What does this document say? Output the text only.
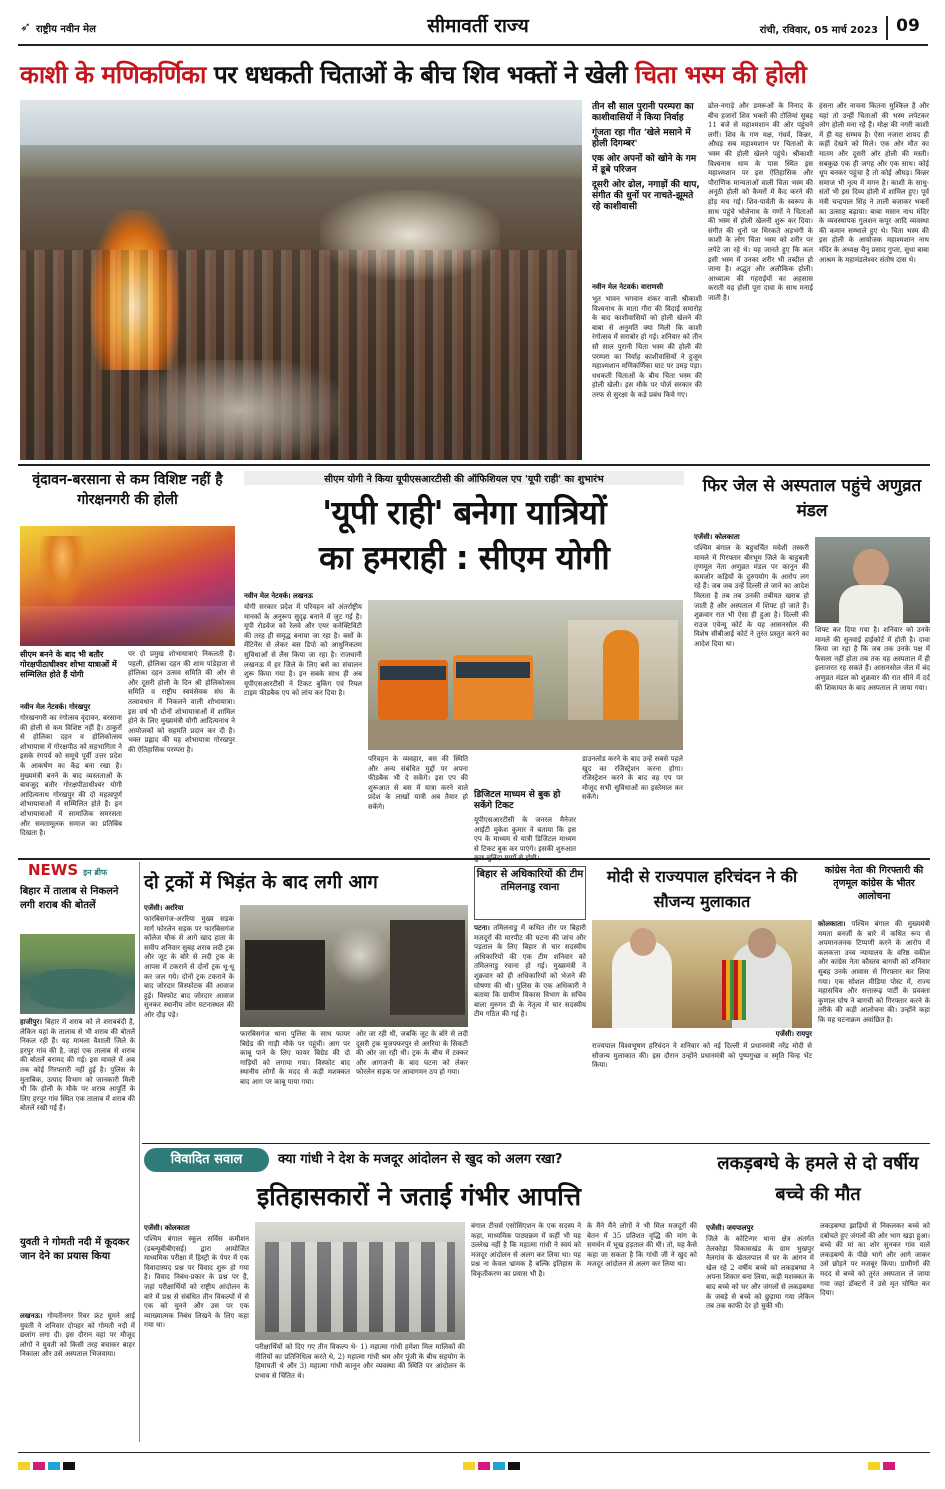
➶ राष्ट्रीय नवीन मेल	सीमावर्ती राज्य	रांची, रविवार, 05 मार्च 2023	09
काशी के मणिकर्णिका पर धधकती चिताओं के बीच शिव भक्तों ने खेली चिता भस्म की होली

तीन सौ साल पुरानी परम्परा का काशीवासियों ने किया निर्वाह

गूंजता रहा गीत 'खेले मसाने में होली दिगम्बर'

एक ओर अपनों को खोने के गम में डूबे परिजन

दूसरी ओर ढोल, नगाड़ों की थाप, संगीत की धुनों पर नाचते-झूमते रहे काशीवासी

नवीन मेल नेटवर्क। वाराणसी
भूत भावन भगवान शंकर वाली श्रीकाशी विश्वनाथ के माता गौरा की विदाई समारोह के बाद काशीवासियों को होली खेलने की बाबा से अनुमति क्या मिली कि काशी रंगोत्सव में सराबोर हो गई। शनिवार को तीन सौ साल पुरानी चिता भस्म की होली की परम्परा का निर्वाह काशीवासियों ने हुजूम महाश्मशान मणिकर्णिका घाट पर उमड़ पड़ा। धधकती चिताओं के बीच चिता भस्म की होली खेली। इस मौके पर पोर्ज सरकार की तरफ से सुरक्षा के कड़े प्रबंध किये गए।
ढोल-नगाड़े और डमरूओं के निनाद के बीच हजारों शिव भक्तों की टोलियां सुबह 11 बजे से महाश्मशान की ओर पहुंचने लगीं। शिव के गण यक्ष, गंधर्व, किन्नर, औघड़ सब महाश्मशान पर चिताओं के भस्म की होली खेलने पहुंचे। श्रीकाशी विश्वनाथ धाम के पास स्थित इस महाश्मशान पर इस ऐतिहासिक और पौराणिक मान्यताओं वाली चिता भस्म की अनूठी होली को कैमरों में कैद करने की होड़ मच गई। शिव-पार्वती के स्वरूप के साथ पहुंचे भोलेनाथ के गणों ने चिताओं की भस्म से होली खेलनी शुरू कर दिया। संगीत की धुनों पर थिरकते अड़भंगी के काशी के लोग चिता भस्म को शरीर पर लपेटे जा रहे थे। यह जानते हुए कि कल इसी भस्म में उनका शरीर भी तब्दील हो जाना है। अद्भुत और अलौकिक होली। आध्यात्म की गहराईयों का अहसास कराती यह होली पूरा दावा के साथ मनाई जाती है।
हंसना और नाचना कितना मुश्किल है और यहां तो उन्हीं चिताओं की भस्म लपेटकर लोग होली मना रहे हैं। मोक्ष की नगरी काशी में ही यह सम्भव है। ऐसा नजारा शायद ही कहीं देखने को मिले। एक ओर मौत का मातम और दूसरी ओर होली की मस्ती। सबकुछ एक ही जगह और एक साथ। कोई धूप बनकर पहुंचा है तो कोई औघड़। किन्नर समाज भी नृत्य में मगन है। काशी के साधु-संतों भी इस दिव्य होली में शामिल हुए। पूर्व मंत्री चन्द्रपाल सिंह ने ताली बजाकर भक्तों का उत्साह बढ़ाया। बाबा मसान नाथ मंदिर के व्यवस्थापक गुलशन कपूर आदि व्यवस्था की कमान सम्भाले हुए थे। चिता भस्म की इस होली के आयोजक महाश्मशान नाथ मंदिर के अध्यक्ष चैनू प्रसाद गुप्ता, सुधा बाबा आश्रम के महामंडलेश्वर संतोष दास थे।
वृंदावन-बरसाना से कम विशिष्ट नहीं है गोरक्षनगरी की होली
सीएम बनने के बाद भी बतौर गोरक्षपीठाधीश्वर शोभा यात्राओं में सम्मिलित होते हैं योगी
नवीन मेल नेटवर्क। गोरखपुर
गोरखनगरी का रंगोत्सव वृंदावन, बरसाना की होली से कम विशिष्ट नहीं है। ठाकुरों से होलिका दहन व होलिकोत्सव शोभायात्रा में गोरक्षपीठ को सहभागिता ने इसके रंगपर्व को समूचे पूर्वी उत्तर प्रदेश के आकर्षण का केंद्र बना रखा है। मुख्यमंत्री बनने के बाद व्यस्तताओं के बावजूद बतौर गोरक्षपीठाधीश्वर योगी आदित्यनाथ गोरखपुर की दो महत्वपूर्ण शोभायात्राओं में सम्मिलित होते हैं। इन शोभायात्राओं में सामाजिक समरसता और समतामूलक समाज का प्रतिबिंब दिखता है।
पर दो प्रमुख शोभायात्राएं निकलती हैं। पहली, होलिका दहन की शाम पांडेहाता से होलिका दहन उत्सव समिति की ओर से और दूसरी होली के दिन श्री होलिकोत्सव समिति व राष्ट्रीय स्वयंसेवक संघ के तत्वावधान में निकलने वाली शोभायात्रा। इस वर्ष भी दोनों शोभायात्राओं में शामिल होने के लिए मुख्यमंत्री योगी आदित्यनाथ ने आयोजकों को सहमति प्रदान कर दी है। भक्त प्रह्लाद की यह शोभायात्रा गोरखपुर की ऐतिहासिक परम्परा है।
सीएम योगी ने किया यूपीएसआरटीसी की ऑफिशियल एप 'यूपी राही' का शुभारंभ
'यूपी राही' बनेगा यात्रियों
का हमराही : सीएम योगी
नवीन मेल नेटवर्क। लखनऊ
योगी सरकार प्रदेश में परिवहन को अंतर्राष्ट्रीय मानकों के अनुरूप सुदृढ़ बनाने में जुट गई है। यूपी रोडवेज को रेलवे और एयर कनेक्टिविटी की तरह ही समृद्ध बनाया जा रहा है। बसों के मेंटिनेंस से लेकर बस डिपो को आधुनिकतम सुविधाओं से लैस किया जा रहा है। राजधानी लखनऊ में हर जिले के लिए बसें का संचालन शुरू किया गया है। इन सबके साथ ही अब यूपीएसआरटीसी ने टिकट बुकिंग एवं रियल टाइम फीडबैक एप को लांच कर दिया है।
परिवहन के व्यवहार, बस की स्थिति और अन्य संबंधित मुद्दों पर अपना फीडबैक भी दे सकेंगे। इस एप की शुरूआत से बस में यात्रा करने वाले प्रदेश के लाखों यात्री अब तैयार हो सकेंगे।
डिजिटल माध्यम से बुक हो सकेंगे टिकट
यूपीएसआरटीसी के जनरल मैनेजर आईटी मुकेश कुमार ने बताया कि इस एप के माध्यम से यात्री डिजिटल माध्यम से टिकट बुक कर पाएंगे। इसकी शुरुआत
डाउनलोड करने के बाद उन्हें सबसे पहले खुद का रजिस्ट्रेशन करना होगा। रजिस्ट्रेशन करने के बाद वह एप पर मौजूद सभी सुविधाओं का इस्तेमाल कर सकेंगे।
फिर जेल से अस्पताल पहुंचे अणुव्रत मंडल
एजेंसी। कोलकाता
पश्चिम बंगाल के बहुचर्चित मवेशी तस्करी मामले में गिरफ्तार बीरभूम जिले के बाहुबली तृणमूल नेता अणुव्रत मंडल पर कानून की कमजोर कड़ियों के दुरुपयोग के आरोप लग रहे हैं। जब जब उन्हें दिल्ली ले जाने का आदेश मिलता है तब तब उनकी तबीयत खराब हो जाती है और अस्पताल में शिफ्ट हो जाते हैं। शुक्रवार रात भी ऐसा ही हुआ है। दिल्ली की राउज एवेन्यू कोर्ट के यह आसनसोल की विशेष सीबीआई कोर्ट ने तुरंत प्रस्तुत करने का आदेश दिया था।
शिफ्ट कर दिया गया है। शनिवार को उनके मामले की सुनवाई हाईकोर्ट में होती है। दावा किया जा रहा है कि जब तक उनके पक्ष में फैसला नहीं होता तब तक वह अस्पताल में ही इलाजरत रह सकते हैं। आसनसोल जेल में बंद अणुव्रत मंडल को शुक्रवार की रात सीने में दर्द की शिकायत के बाद अस्पताल ले जाया गया।
NEWS इन ब्रीफ
बिहार में तालाब से निकलने लगी शराब की बोतलें
हाजीपुर। बिहार में शराब को ले शराबबंदी है, लेकिन यहां के तालाब से भी शराब की बोतलें निकल रही हैं। यह मामला वैशाली जिले के हरपुर गांव की है, जहां एक तालाब से शराब की बोतलें बरामद की गई। इस मामले में अब तक कोई गिरफ्तारी नहीं हुई है। पुलिस के मुताबिक, उत्पाद विभाग को जानकारी मिली थी कि होली के मौके पर शराब आपूर्ति के लिए हरपुर गांव स्थित एक तालाब में शराब की बोतलें रखी गई हैं।
युवती ने गोमती नदी में कूदकर जान देने का प्रयास किया
लखनऊ। गोमतीनगर रिवर फ्रंट घूमने आई युवती ने शनिवार दोपहर को गोमती नदी में छलांग लगा दी। इस दौरान वहां पर मौजूद लोगों ने युवती को किसी तरह बचाकर बाहर निकाला और उसे अस्पताल भिजवाया।
दो ट्रकों में भिड़ंत के बाद लगी आग
एजेंसी। अररिया
फारबिसगंज-अररिया मुख्य सड़क मार्ग फोरलेन सड़क पर फारबिसगंज कॉलेज चौक से आगे खाद हाता के समीप शनिवार सुबह शराब लदी ट्रक और जूट के बोरे से लदी ट्रक के आपस में टकराने से दोनों ट्रक धू-धू कर जल गये। दोनों ट्रक टकराने के बाद जोरदार विस्फोटक की आवाज हुई। विस्फोट बाद जोरदार आवाज सुनकर स्थानीय लोग घटनास्थल की ओर दौड़ पड़े।
फारबिसगंज थाना पुलिस के साथ फायर बिग्रेड की गाड़ी मौके पर पहुंची। आग पर काबू पाने के लिए फायर बिग्रेड की दो गाड़ियों को लगाया गया। विस्फोट बाद स्थानीय लोगों के मदद से कड़ी मशक्कत बाद आग पर काबू पाया गया।
ओर जा रही थी, जबकि जूट के बोरे से लदी दूसरी ट्रक मुजफ्फरपुर से अररिया के सिकटी की ओर जा रही थी। ट्रक के बीच में टक्कर और आगजनी के बाद घटना को लेकर फोरलेन सड़क पर आवागमन ठप हो गया।
बिहार से अधिकारियों की टीम तमिलनाडु रवाना
पटना। तमिलनाडु में कथित तौर पर बिहारी मजदूरों की मारपीट की घटना की जांच और पड़ताल के लिए बिहार से चार सदस्यीय अधिकारियों की एक टीम शनिवार को तमिलनाडु रवाना हो गई। मुख्यमंत्री ने शुक्रवार को ही अधिकारियों को भेजने की घोषणा की थी। पुलिस के एक अधिकारी ने बताया कि ग्रामीण विकास विभाग के सचिव बाला मुरुगन डी के नेतृत्व में चार सदस्यीय टीम गठित की गई है।
मोदी से राज्यपाल हरिचंदन ने की सौजन्य मुलाकात
एजेंसी। रायपुर
राज्यपाल विश्वभूषण हरिचंदन ने शनिवार को नई दिल्ली में प्रधानमंत्री नरेंद्र मोदी से सौजन्य मुलाकात की। इस दौरान उन्होंने प्रधानमंत्री को पुष्पगुच्छ व स्मृति चिन्ह भेंट किया।
कांग्रेस नेता की गिरफ्तारी की तृणमूल कांग्रेस के भीतर आलोचना
कोलकाता। पश्चिम बंगाल की मुख्यमंत्री ममता बनर्जी के बारे में कथित रूप से अपमानजनक टिप्पणी करने के आरोप में कलकत्ता उच्च न्यायालय के वरिष्ठ वकील और कांग्रेस नेता कौस्तव बागची को शनिवार सुबह उनके आवास से गिरफ्तार कर लिया गया। एक सोशल मीडिया पोस्ट में, राज्य महासचिव और सत्तारूढ़ पार्टी के प्रवक्ता कुणाल घोष ने बागची को गिरफ्तार करने के तरीके की कड़ी आलोचना की। उन्होंने कहा कि यह घटनाक्रम अवांछित है।
विवादित सवाल	क्या गांधी ने देश के मजदूर आंदोलन से खुद को अलग रखा?
इतिहासकारों ने जताई गंभीर आपत्ति
एजेंसी। कोलकाता
पश्चिम बंगाल स्कूल सर्विस कमीशन (डब्ल्यूबीबीएसई) द्वारा आयोजित माध्यमिक परीक्षा में हिस्ट्री के पेपर में एक विवादास्पद प्रश्न पर विवाद शुरू हो गया है। विवाद निबंध-प्रकार के प्रश्न पर है, जहां परीक्षार्थियों को राष्ट्रीय आंदोलन के बारे में प्रश्न से संबंधित तीन विकल्पों में से एक को चुनने और उस पर एक व्याख्यात्मक निबंध लिखने के लिए कहा गया था।
परीक्षार्थियों को दिए गए तीन विकल्प थे- 1) महात्मा गांधी हमेशा मिल मालिकों की नीतियों का प्रतिनिधित्व करते थे, 2) महात्मा गांधी श्रम और पूंजी के बीच सहयोग के हिमायती थे और 3) महात्मा गांधी कानून और व्यवस्था की स्थिति पर आंदोलन के प्रभाव से चिंतित थे।
बंगाल टीचर्स एसोसिएशन के एक सदस्य ने कहा, माध्यमिक पाठ्यक्रम में कहीं भी यह उल्लेख नहीं है कि महात्मा गांधी ने स्वयं को मजदूर आंदोलन से अलग कर लिया था। यह प्रश्न ना केवल भ्रामक है बल्कि इतिहास के विकृतीकरण का प्रयास भी है।
के मैंने मैंने लोगों ने भी मिल मजदूरों की बेतन में 35 प्रतिशत वृद्धि की मांग के समर्थन में भूख हड़ताल की थी। तो, यह कैसे कहा जा सकता है कि गांधी जी ने खुद को मजदूर आंदोलन से अलग कर लिया था।
लकड़बग्घे के हमले से दो वर्षीय बच्चे की मौत
एजेंसी। जयपालपुर
जिले के कोटिन्गर थाना क्षेत्र अंतर्गत तेलकोड़ा विकासखंड के ग्राम भुखपुर नैलगांव के खेतलपाल में घर के आंगन में खेल रहे 2 वर्षीय बच्चे को लकड़बग्घा ने अपना शिकार बना लिया, कड़ी मशक्कत के बाद बच्चे को घर और जंगलों से लकड़बग्घा के जबड़े से बच्चे को छुड़ाया गया लेकिन तब तक काफी देर हो चुकी थी।
लकड़बग्घा झाड़ियों से निकलकर बच्चे को दबोचते हुए जंगलों की ओर भाग खड़ा हुआ। बच्चे की मां का शोर सुनकर गांव वाले लकड़बग्घे के पीछे भागे और आगे जाकर उसे छोड़ने पर मजबूर किया। ग्रामीणों की मदद से बच्चे को तुरंत अस्पताल ले जाया गया जहां डॉक्टरों ने उसे मृत घोषित कर दिया।
